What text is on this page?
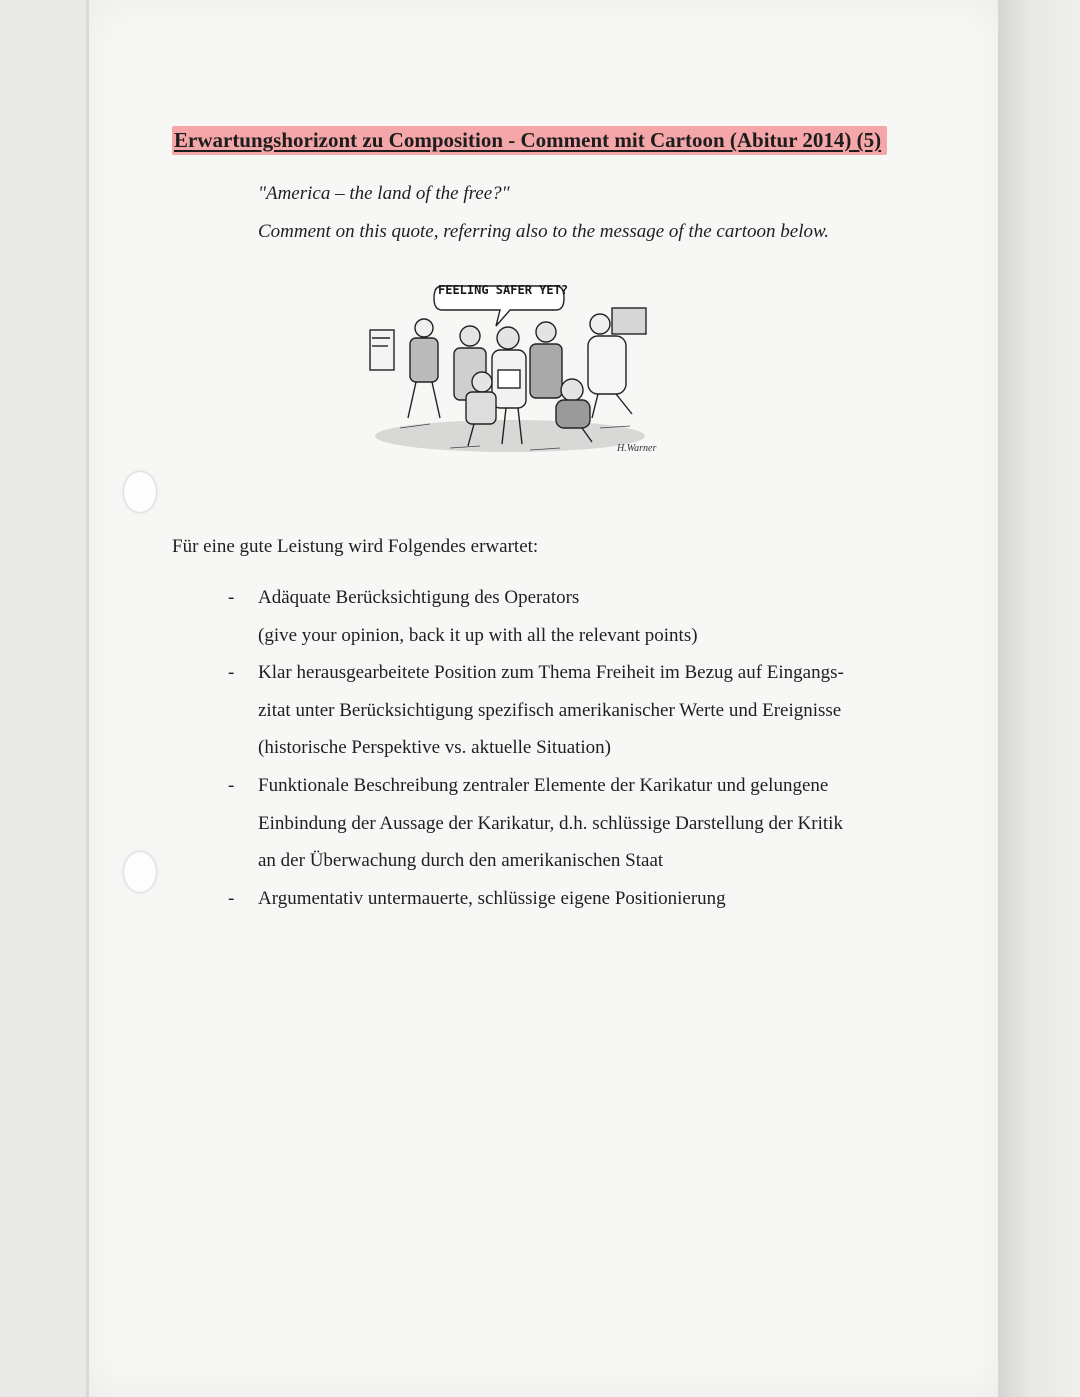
Erwartungshorizont zu Composition - Comment mit Cartoon (Abitur 2014) (5)
"America – the land of the free?"
Comment on this quote, referring also to the message of the cartoon below.
FEELING SAFER YET?
H.Warner
Für eine gute Leistung wird Folgendes erwartet:
- Adäquate Berücksichtigung des Operators
(give your opinion, back it up with all the relevant points)
- Klar herausgearbeitete Position zum Thema Freiheit im Bezug auf Eingangs-
zitat unter Berücksichtigung spezifisch amerikanischer Werte und Ereignisse
(historische Perspektive vs. aktuelle Situation)
- Funktionale Beschreibung zentraler Elemente der Karikatur und gelungene
Einbindung der Aussage der Karikatur, d.h. schlüssige Darstellung der Kritik
an der Überwachung durch den amerikanischen Staat
- Argumentativ untermauerte, schlüssige eigene Positionierung
